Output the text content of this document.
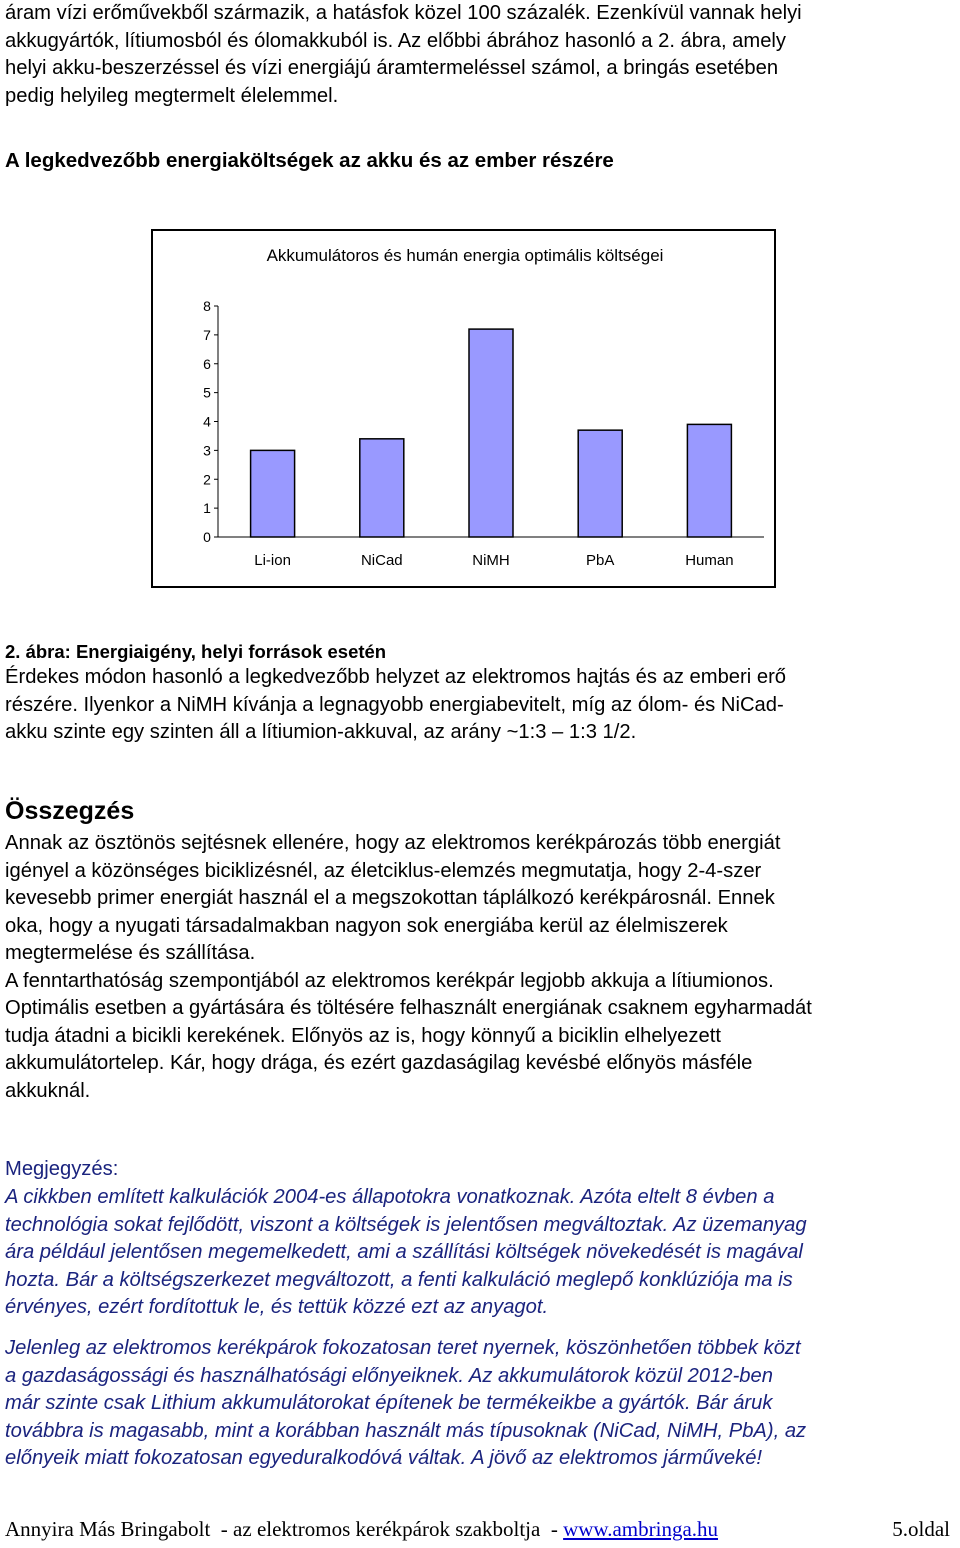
áram vízi erőművekből származik, a hatásfok közel 100 százalék. Ezenkívül vannak helyi
akkugyártók, lítiumosból és ólomakkuból is. Az előbbi ábrához hasonló a 2. ábra, amely
helyi akku-beszerzéssel és vízi energiájú áramtermeléssel számol, a bringás esetében
pedig helyileg megtermelt élelemmel.
A legkedvezőbb energiaköltségek az akku és az ember részére
Akkumulátoros és humán energia optimális költségei
0
1
2
3
4
5
6
7
8
Li-ion	NiCad	NiMH	PbA	Human
2. ábra: Energiaigény, helyi források esetén
Érdekes módon hasonló a legkedvezőbb helyzet az elektromos hajtás és az emberi erő
részére. Ilyenkor a NiMH kívánja a legnagyobb energiabevitelt, míg az ólom- és NiCad-
akku szinte egy szinten áll a lítiumion-akkuval, az arány ~1:3 – 1:3 1/2.
Összegzés
Annak az ösztönös sejtésnek ellenére, hogy az elektromos kerékpározás több energiát
igényel a közönséges biciklizésnél, az életciklus-elemzés megmutatja, hogy 2-4-szer
kevesebb primer energiát használ el a megszokottan táplálkozó kerékpárosnál. Ennek
oka, hogy a nyugati társadalmakban nagyon sok energiába kerül az élelmiszerek
megtermelése és szállítása.
A fenntarthatóság szempontjából az elektromos kerékpár legjobb akkuja a lítiumionos.
Optimális esetben a gyártására és töltésére felhasznált energiának csaknem egyharmadát
tudja átadni a bicikli kerekének. Előnyös az is, hogy könnyű a biciklin elhelyezett
akkumulátortelep. Kár, hogy drága, és ezért gazdaságilag kevésbé előnyös másféle
akkuknál.
Megjegyzés:
A cikkben említett kalkulációk 2004-es állapotokra vonatkoznak. Azóta eltelt 8 évben a
technológia sokat fejlődött, viszont a költségek is jelentősen megváltoztak. Az üzemanyag
ára például jelentősen megemelkedett, ami a szállítási költségek növekedését is magával
hozta. Bár a költségszerkezet megváltozott, a fenti kalkuláció meglepő konklúziója ma is
érvényes, ezért fordítottuk le, és tettük közzé ezt az anyagot.
Jelenleg az elektromos kerékpárok fokozatosan teret nyernek, köszönhetően többek közt
a gazdaságossági és használhatósági előnyeiknek. Az akkumulátorok közül 2012-ben
már szinte csak Lithium akkumulátorokat építenek be termékeikbe a gyártók. Bár áruk
továbbra is magasabb, mint a korábban használt más típusoknak (NiCad, NiMH, PbA), az
előnyeik miatt fokozatosan egyeduralkodóvá váltak. A jövő az elektromos járműveké!
Annyira Más Bringabolt  - az elektromos kerékpárok szakboltja  - www.ambringa.hu	5.oldal
